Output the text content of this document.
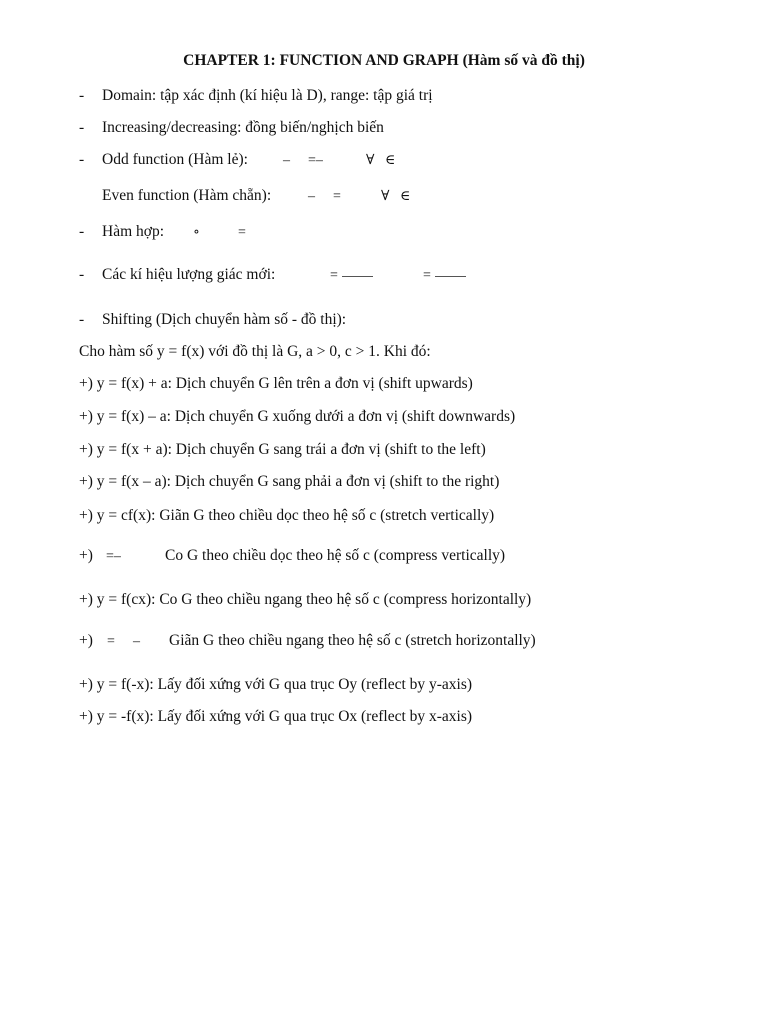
CHAPTER 1: FUNCTION AND GRAPH (Hàm số và đồ thị)
- Domain: tập xác định (kí hiệu là D), range: tập giá trị
- Increasing/decreasing: đồng biến/nghịch biến
- Odd function (Hàm lẻ):	– =–	∀ ∈
Even function (Hàm chẵn):	– =	∀ ∈
- Hàm hợp: ∘	=
- Các kí hiệu lượng giác mới:	=	=
- Shifting (Dịch chuyển hàm số - đồ thị):
Cho hàm số y = f(x) với đồ thị là G, a > 0, c > 1. Khi đó:
+) y = f(x) + a: Dịch chuyển G lên trên a đơn vị (shift upwards)
+) y = f(x) – a: Dịch chuyển G xuống dưới a đơn vị (shift downwards)
+) y = f(x + a): Dịch chuyển G sang trái a đơn vị (shift to the left)
+) y = f(x – a): Dịch chuyển G sang phải a đơn vị (shift to the right)
+) y = cf(x): Giãn G theo chiều dọc theo hệ số c (stretch vertically)
+) =–	Co G theo chiều dọc theo hệ số c (compress vertically)
+) y = f(cx): Co G theo chiều ngang theo hệ số c (compress horizontally)
+) = – Giãn G theo chiều ngang theo hệ số c (stretch horizontally)
+) y = f(-x): Lấy đối xứng với G qua trục Oy (reflect by y-axis)
+) y = -f(x): Lấy đối xứng với G qua trục Ox (reflect by x-axis)
